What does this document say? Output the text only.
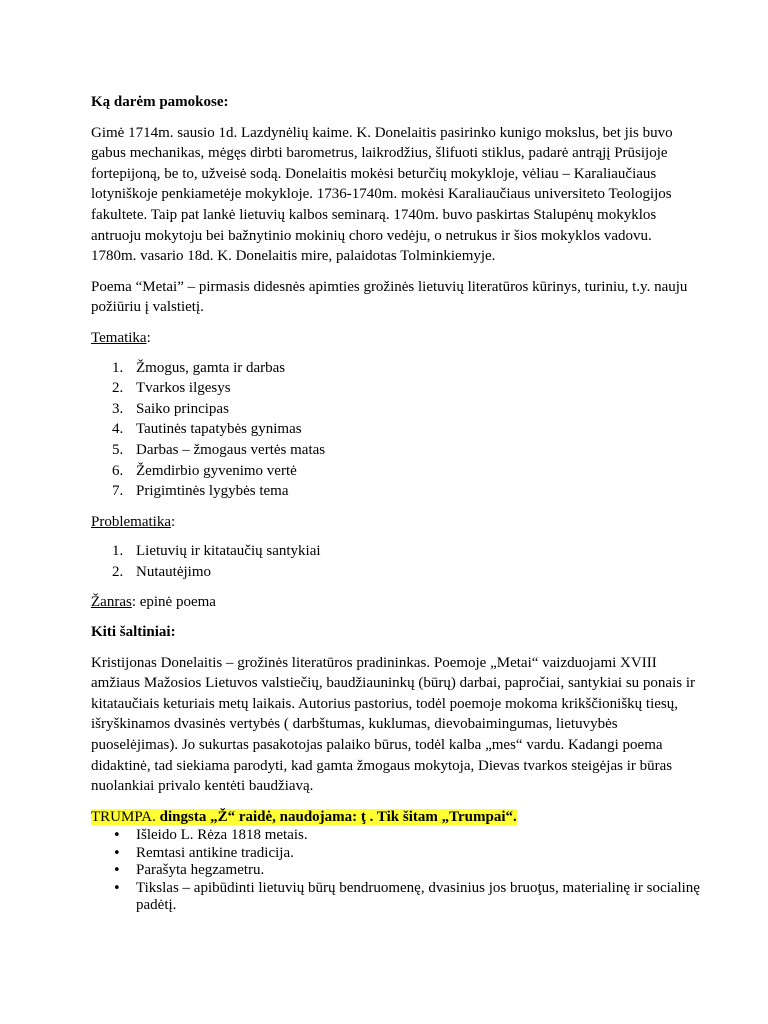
Ką darėm pamokose:

Gimė 1714m. sausio 1d. Lazdynėlių kaime. K. Donelaitis pasirinko kunigo mokslus, bet jis buvo gabus mechanikas, mėgęs dirbti barometrus, laikrodžius, šlifuoti stiklus, padarė antrąjį Prūsijoje fortepijoną, be to, užveisė sodą. Donelaitis mokėsi beturčių mokykloje, vėliau – Karaliaučiaus lotyniškoje penkiametėje mokykloje. 1736-1740m. mokėsi Karaliaučiaus universiteto Teologijos fakultete. Taip pat lankė lietuvių kalbos seminarą. 1740m. buvo paskirtas Stalupėnų mokyklos antruoju mokytoju bei bažnytinio mokinių choro vedėju, o netrukus ir šios mokyklos vadovu. 1780m. vasario 18d. K. Donelaitis mire, palaidotas Tolminkiemyje.

Poema “Metai” – pirmasis didesnės apimties grožinės lietuvių literatūros kūrinys, turiniu, t.y. nauju požiūriu į valstietį.

Tematika:

1. Žmogus, gamta ir darbas
2. Tvarkos ilgesys
3. Saiko principas
4. Tautinės tapatybės gynimas
5. Darbas – žmogaus vertės matas
6. Žemdirbio gyvenimo vertė
7. Prigimtinės lygybės tema

Problematika:

1. Lietuvių ir kitataučių santykiai
2. Nutautėjimo

Žanras: epinė poema

Kiti šaltiniai:

Kristijonas Donelaitis – grožinės literatūros pradininkas. Poemoje „Metai“ vaizduojami XVIII amžiaus Mažosios Lietuvos valstiečių, baudžiauninkų (būrų) darbai, papročiai, santykiai su ponais ir kitataučiais keturiais metų laikais. Autorius pastorius, todėl poemoje mokoma krikščioniškų tiesų, išryškinamos dvasinės vertybės ( darbštumas, kuklumas, dievobaimingumas, lietuvybės puoselėjimas). Jo sukurtas pasakotojas palaiko būrus, todėl kalba „mes“ vardu. Kadangi poema didaktinė, tad siekiama parodyti, kad gamta žmogaus mokytoja, Dievas tvarkos steigėjas ir būras nuolankiai privalo kentėti baudžiavą.

TRUMPA. dingsta „Ž“ raidė, naudojama: ţ . Tik šitam „Trumpai“.

• Išleido L. Rėza 1818 metais.
• Remtasi antikine tradicija.
• Parašyta hegzametru.
• Tikslas – apibūdinti lietuvių būrų bendruomenę, dvasinius jos bruoţus, materialinę ir socialinę padėtį.
